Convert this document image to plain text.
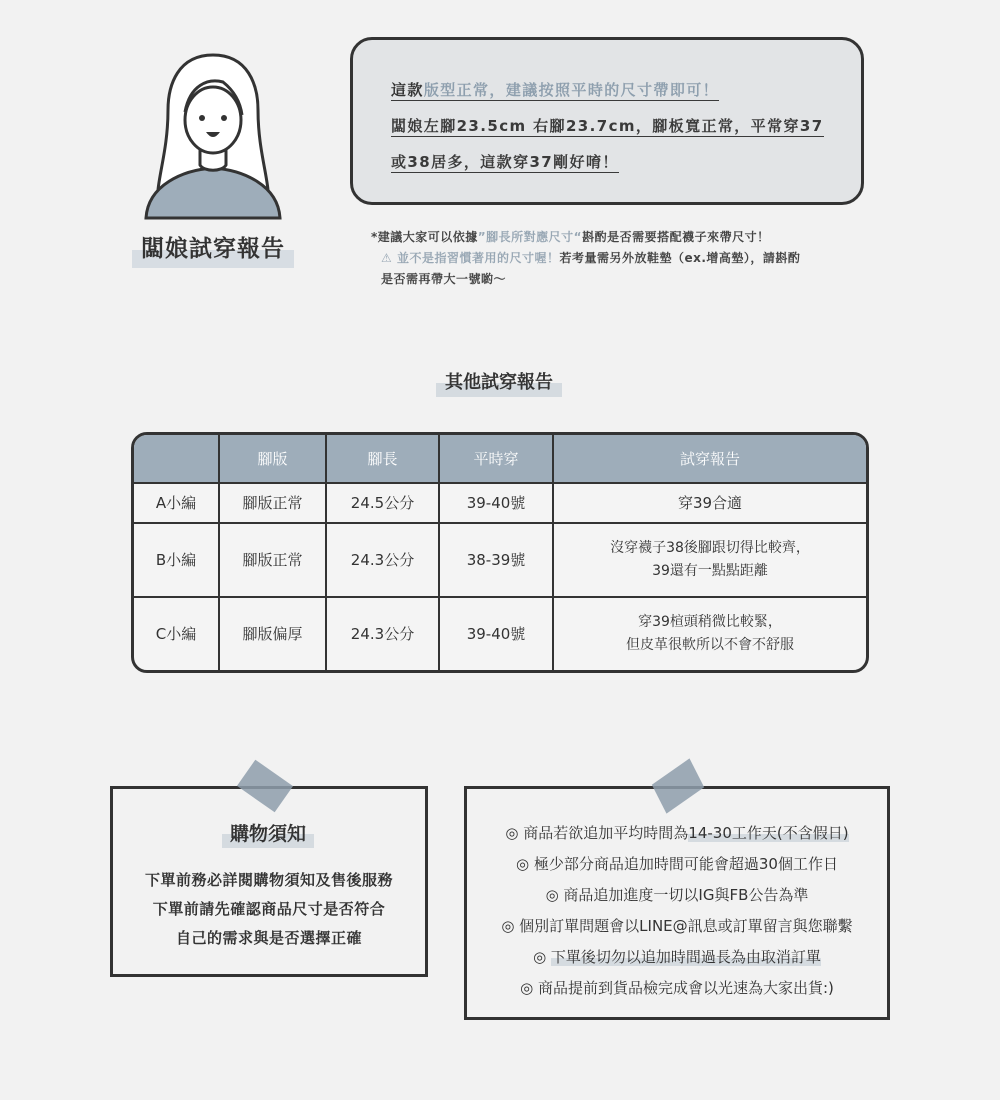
闆娘試穿報告
這款版型正常，建議按照平時的尺寸帶即可！
闆娘左腳23.5cm 右腳23.7cm，腳板寬正常，平常穿37
或38居多，這款穿37剛好唷！
*建議大家可以依據”腳長所對應尺寸“斟酌是否需要搭配襪子來帶尺寸！
⚠ 並不是指習慣著用的尺寸喔！若考量需另外放鞋墊（ex.增高墊），請斟酌
是否需再帶大一號喲～
其他試穿報告
	腳版	腳長	平時穿	試穿報告
A小編	腳版正常	24.5公分	39-40號	穿39合適
B小編	腳版正常	24.3公分	38-39號	沒穿襪子38後腳跟切得比較齊，
39還有一點點距離

C小編	腳版偏厚	24.3公分	39-40號	穿39楦頭稍微比較緊，
但皮革很軟所以不會不舒服
購物須知
下單前務必詳閱購物須知及售後服務
下單前請先確認商品尺寸是否符合
自己的需求與是否選擇正確
◎ 商品若欲追加平均時間為14-30工作天(不含假日)
◎ 極少部分商品追加時間可能會超過30個工作日
◎ 商品追加進度一切以IG與FB公告為準
◎ 個別訂單問題會以LINE@訊息或訂單留言與您聯繫
◎ 下單後切勿以追加時間過長為由取消訂單
◎ 商品提前到貨品檢完成會以光速為大家出貨:)
